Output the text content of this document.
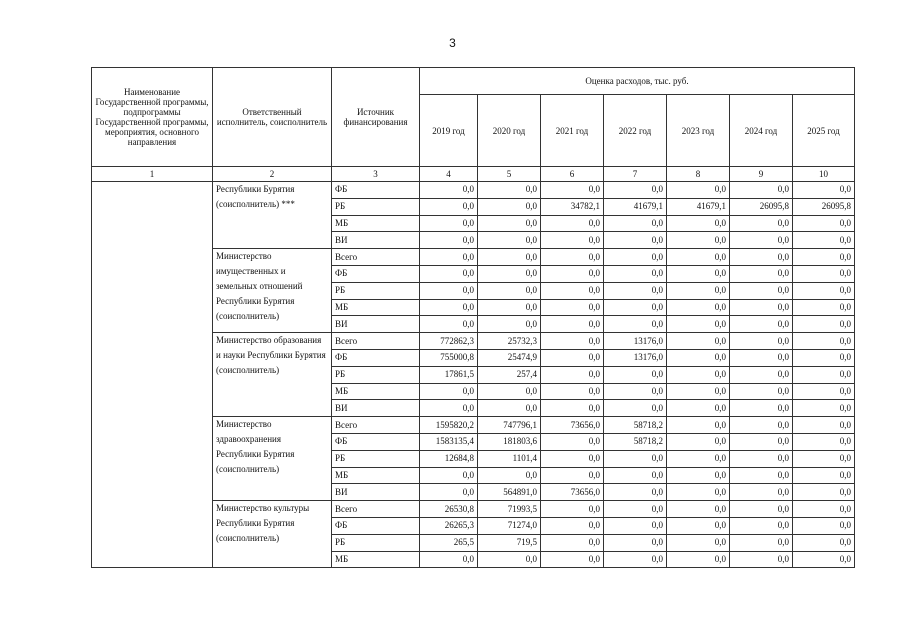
3
Наименование Государственной программы, подпрограммы Государственной программы, мероприятия, основного направления	Ответственный исполнитель, соисполнитель	Источник финансирования	Оценка расходов, тыс. руб.						
			2019 год	2020 год	2021 год	2022 год	2023 год	2024 год	2025 год
1	2	3	4	5	6	7	8	9	10
	Республики Бурятия (соисполнитель) ***	ФБ	0,0	0,0	0,0	0,0	0,0	0,0	0,0
		РБ	0,0	0,0	34782,1	41679,1	41679,1	26095,8	26095,8
		МБ	0,0	0,0	0,0	0,0	0,0	0,0	0,0
		ВИ	0,0	0,0	0,0	0,0	0,0	0,0	0,0
	Министерство имущественных и земельных отношений Республики Бурятия (соисполнитель)	Всего	0,0	0,0	0,0	0,0	0,0	0,0	0,0
		ФБ	0,0	0,0	0,0	0,0	0,0	0,0	0,0
		РБ	0,0	0,0	0,0	0,0	0,0	0,0	0,0
		МБ	0,0	0,0	0,0	0,0	0,0	0,0	0,0
		ВИ	0,0	0,0	0,0	0,0	0,0	0,0	0,0
	Министерство образования и науки Республики Бурятия (соисполнитель)	Всего	772862,3	25732,3	0,0	13176,0	0,0	0,0	0,0
		ФБ	755000,8	25474,9	0,0	13176,0	0,0	0,0	0,0
		РБ	17861,5	257,4	0,0	0,0	0,0	0,0	0,0
		МБ	0,0	0,0	0,0	0,0	0,0	0,0	0,0
		ВИ	0,0	0,0	0,0	0,0	0,0	0,0	0,0
	Министерство здравоохранения Республики Бурятия (соисполнитель)	Всего	1595820,2	747796,1	73656,0	58718,2	0,0	0,0	0,0
		ФБ	1583135,4	181803,6	0,0	58718,2	0,0	0,0	0,0
		РБ	12684,8	1101,4	0,0	0,0	0,0	0,0	0,0
		МБ	0,0	0,0	0,0	0,0	0,0	0,0	0,0
		ВИ	0,0	564891,0	73656,0	0,0	0,0	0,0	0,0
	Министерство культуры Республики Бурятия (соисполнитель)	Всего	26530,8	71993,5	0,0	0,0	0,0	0,0	0,0
		ФБ	26265,3	71274,0	0,0	0,0	0,0	0,0	0,0
		РБ	265,5	719,5	0,0	0,0	0,0	0,0	0,0
		МБ	0,0	0,0	0,0	0,0	0,0	0,0	0,0
